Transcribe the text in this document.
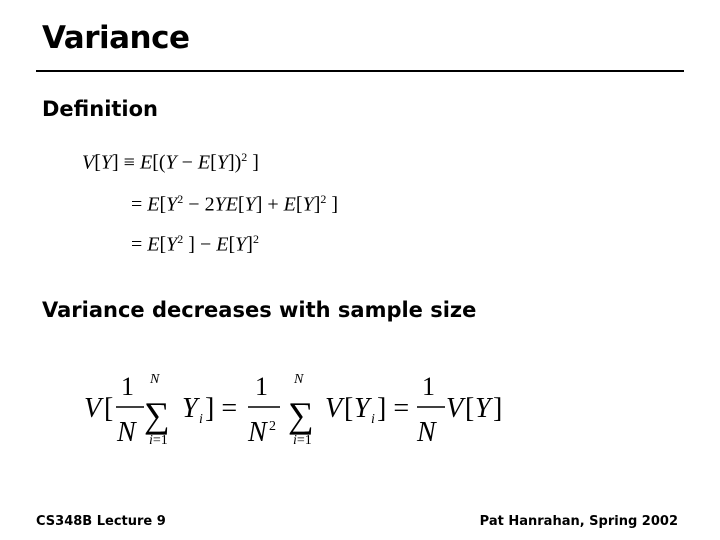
Variance
Definition
$V[Y] \equiv E[(Y - E[Y])^2$ ]
= $E[Y^2 - 2YE[Y] + E[Y]^2$ ]
= $E[Y^2$ ] − $E[Y]^2$
Variance decreases with sample size
V [
1
N
N
∑
i=1
Y i ] =
1
N 2
N
∑
i=1
V [ Y i ] =
1
N
V [ Y ]
CS348B Lecture 9	Pat Hanrahan, Spring 2002
